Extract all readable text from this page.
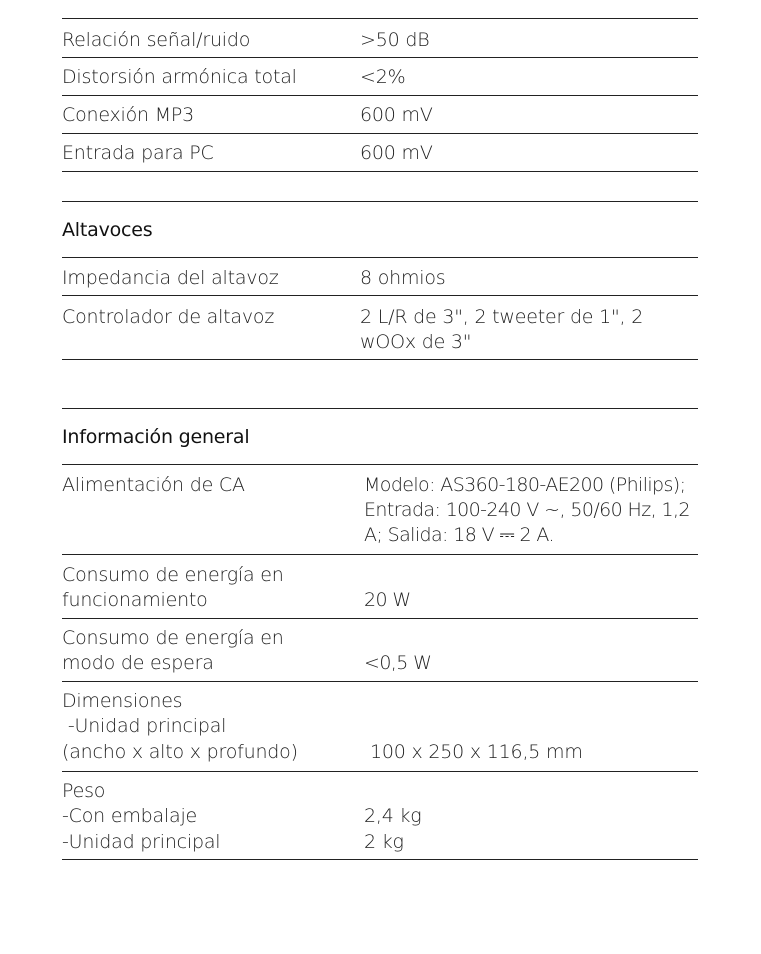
Relación señal/ruido	>50 dB
Distorsión armónica total	<2%
Conexión MP3	600 mV
Entrada para PC	600 mV
Altavoces
Impedancia del altavoz	8 ohmios
Controlador de altavoz	2 L/R de 3", 2 tweeter de 1", 2
wOOx de 3"
Información general
Alimentación de CA	Modelo: AS360-180-AE200 (Philips);
Entrada: 100-240 V ~, 50/60 Hz, 1,2
A; Salida: 18 V ⎓ 2 A.
Consumo de energía en
funcionamiento	20 W
Consumo de energía en
modo de espera	<0,5 W
Dimensiones
-Unidad principal
(ancho x alto x profundo)	100 x 250 x 116,5 mm
Peso
-Con embalaje	2,4 kg
-Unidad principal	2 kg
